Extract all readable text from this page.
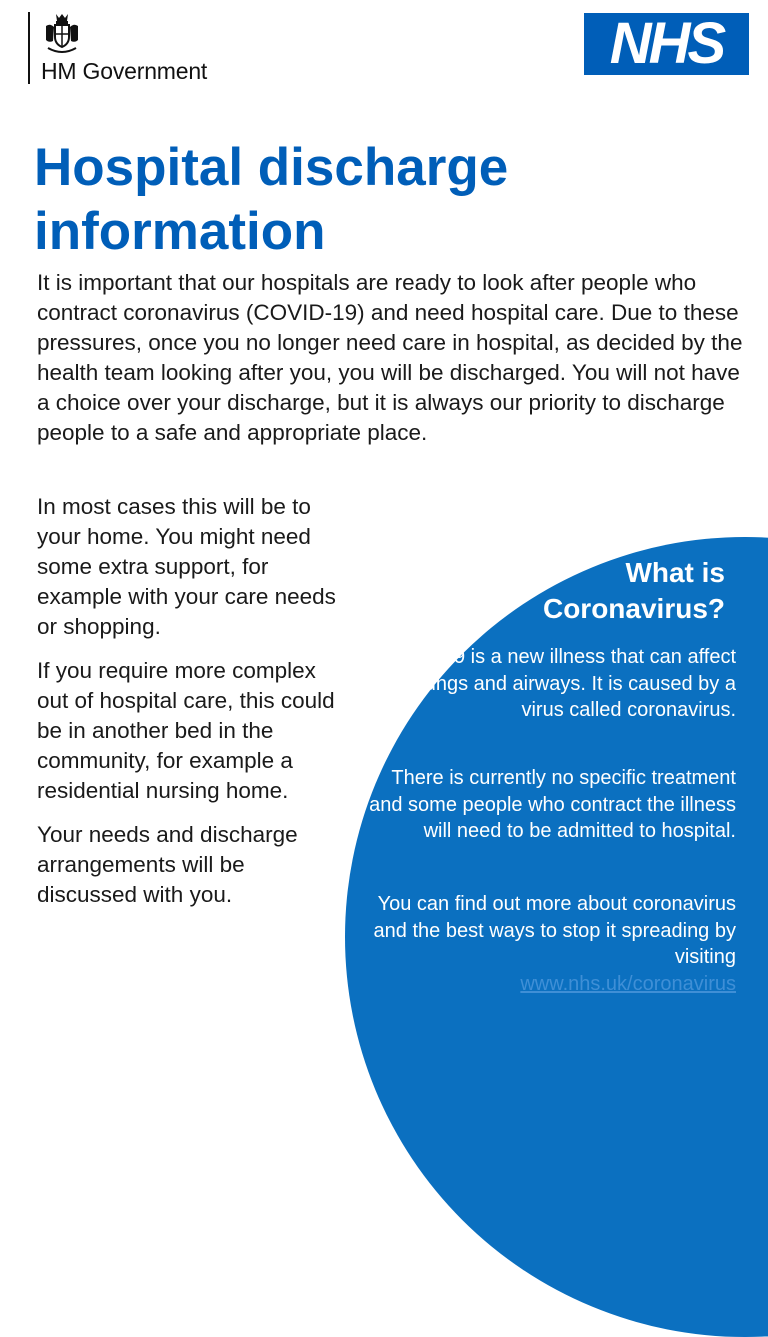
HM Government	NHS
Hospital discharge information

It is important that our hospitals are ready to look after people who contract coronavirus (COVID-19) and need hospital care. Due to these pressures, once you no longer need care in hospital, as decided by the health team looking after you, you will be discharged. You will not have a choice over your discharge, but it is always our priority to discharge people to a safe and appropriate place.

In most cases this will be to your home. You might need some extra support, for example with your care needs or shopping.

If you require more complex out of hospital care, this could be in another bed in the community, for example a residential nursing home.

Your needs and discharge arrangements will be discussed with you.

What is Coronavirus?

COVID-19 is a new illness that can affect the lungs and airways. It is caused by a virus called coronavirus.

There is currently no specific treatment and some people who contract the illness will need to be admitted to hospital.

You can find out more about coronavirus and the best ways to stop it spreading by visiting
www.nhs.uk/coronavirus
